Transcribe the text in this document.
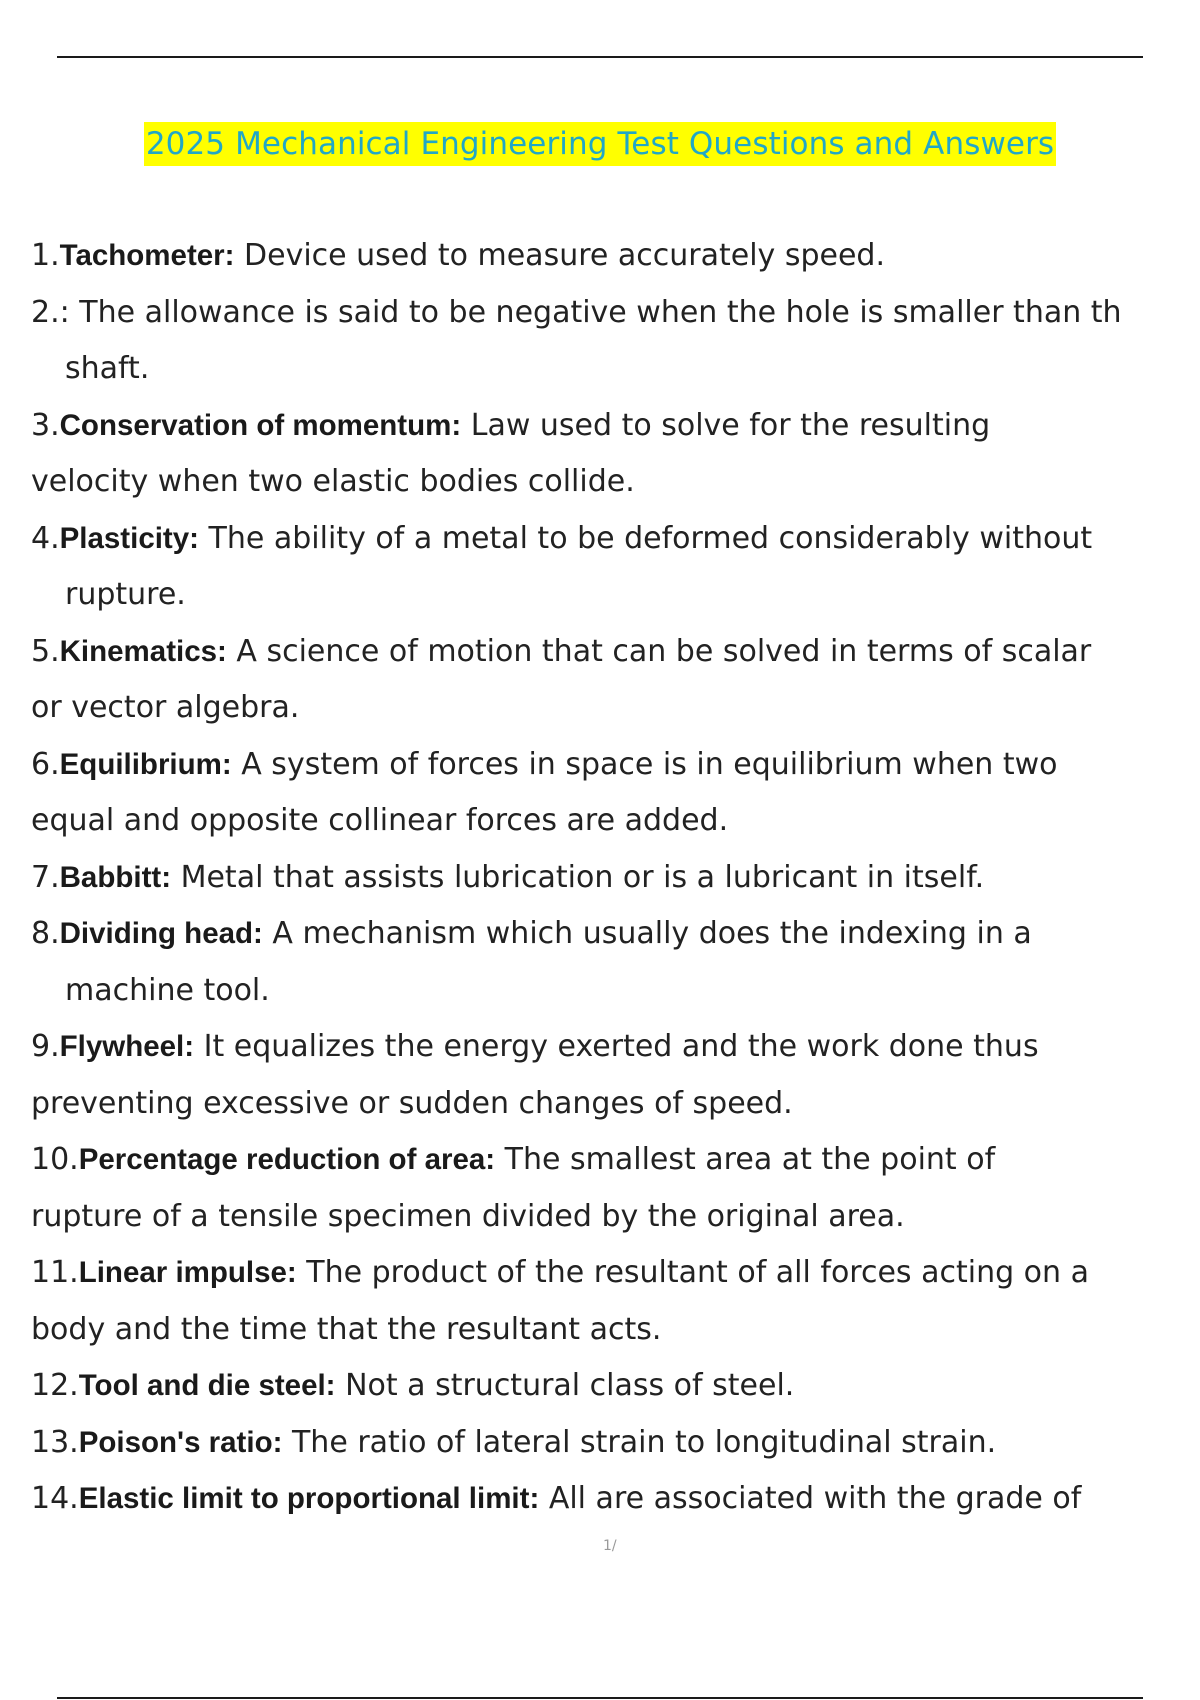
2025 Mechanical Engineering Test Questions and Answers
1.Tachometer: Device used to measure accurately speed.
2.: The allowance is said to be negative when the hole is smaller than th
shaft.
3.Conservation of momentum: Law used to solve for the resulting
velocity when two elastic bodies collide.
4.Plasticity: The ability of a metal to be deformed considerably without
rupture.
5.Kinematics: A science of motion that can be solved in terms of scalar
or vector algebra.
6.Equilibrium: A system of forces in space is in equilibrium when two
equal and opposite collinear forces are added.
7.Babbitt: Metal that assists lubrication or is a lubricant in itself.
8.Dividing head: A mechanism which usually does the indexing in a
machine tool.
9.Flywheel: It equalizes the energy exerted and the work done thus
preventing excessive or sudden changes of speed.
10.Percentage reduction of area: The smallest area at the point of
rupture of a tensile specimen divided by the original area.
11.Linear impulse: The product of the resultant of all forces acting on a
body and the time that the resultant acts.
12.Tool and die steel: Not a structural class of steel.
13.Poison's ratio: The ratio of lateral strain to longitudinal strain.
14.Elastic limit to proportional limit: All are associated with the grade of
1/
